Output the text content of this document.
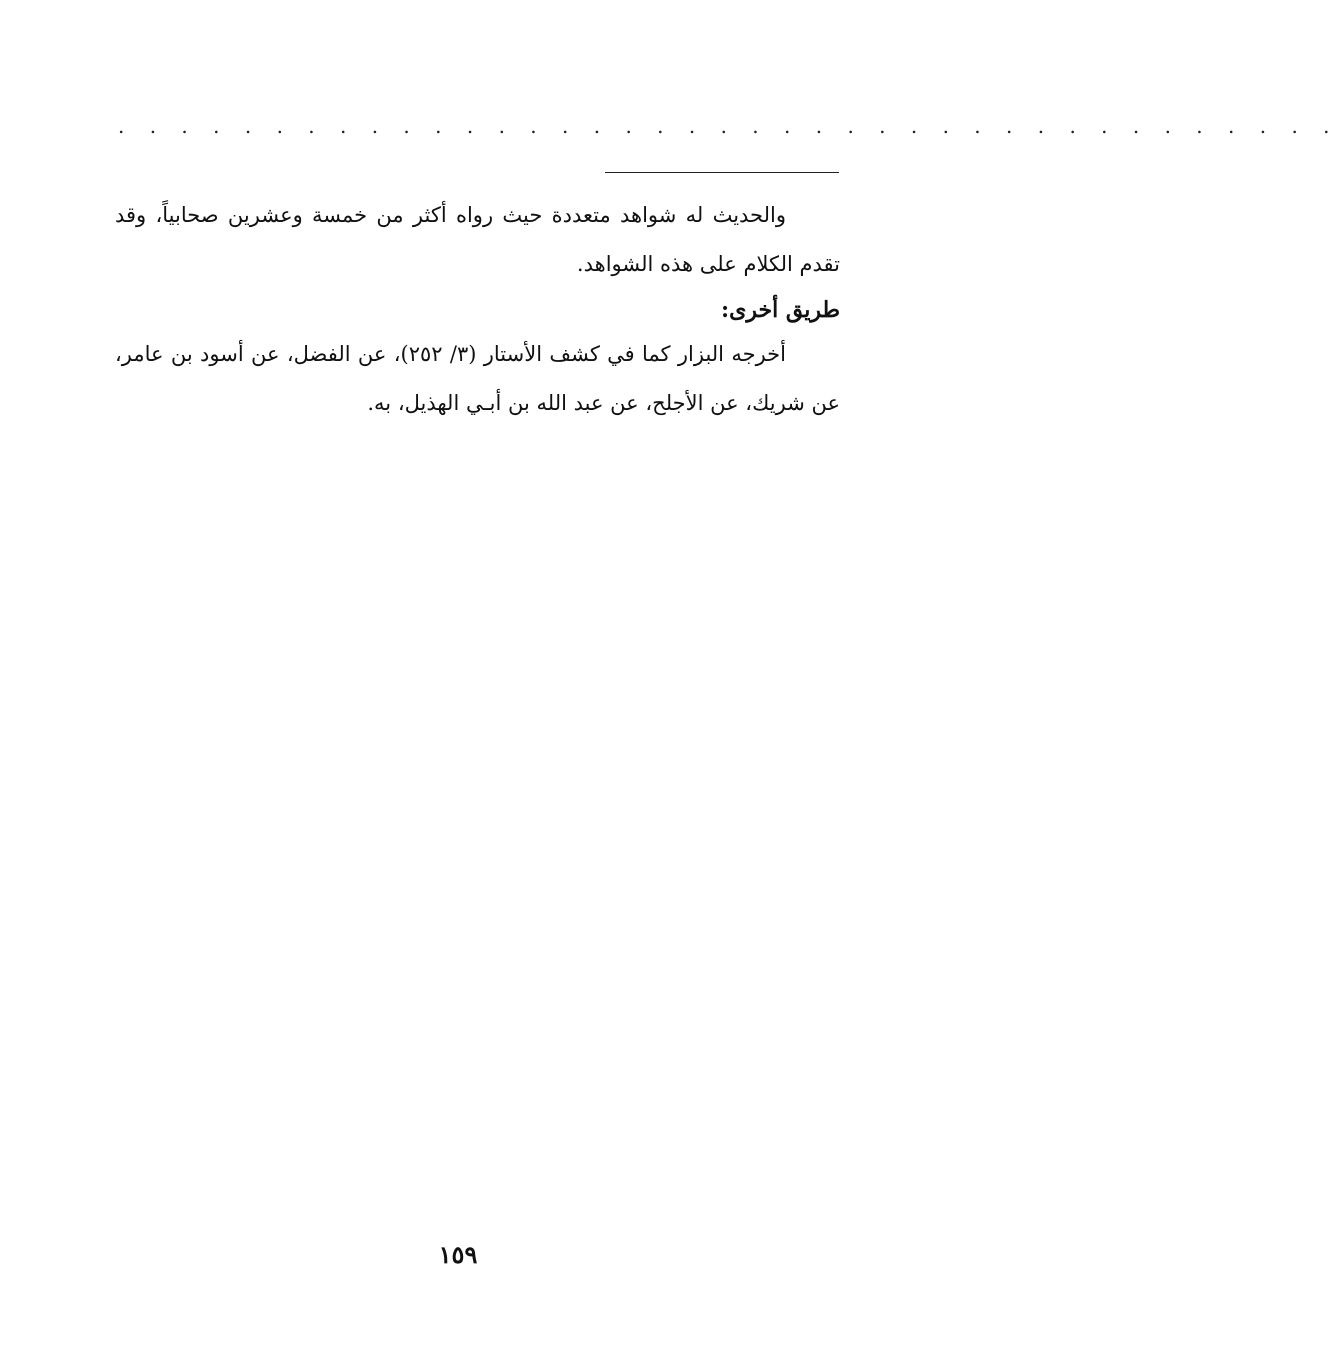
. . . . . . . . . . . . . . . . . . . . . . . . . . . . . . . . . . . . . . .
والحديث له شواهد متعددة حيث رواه أكثر من خمسة وعشرين صحابياً، وقد تقدم الكلام على هذه الشواهد.
طريق أخرى:
أخرجه البزار كما في كشف الأستار (٣/ ٢٥٢)، عن الفضل، عن أسود بن عامر، عن شريك، عن الأجلح، عن عبد الله بن أبـي الهذيل، به.
١٥٩
